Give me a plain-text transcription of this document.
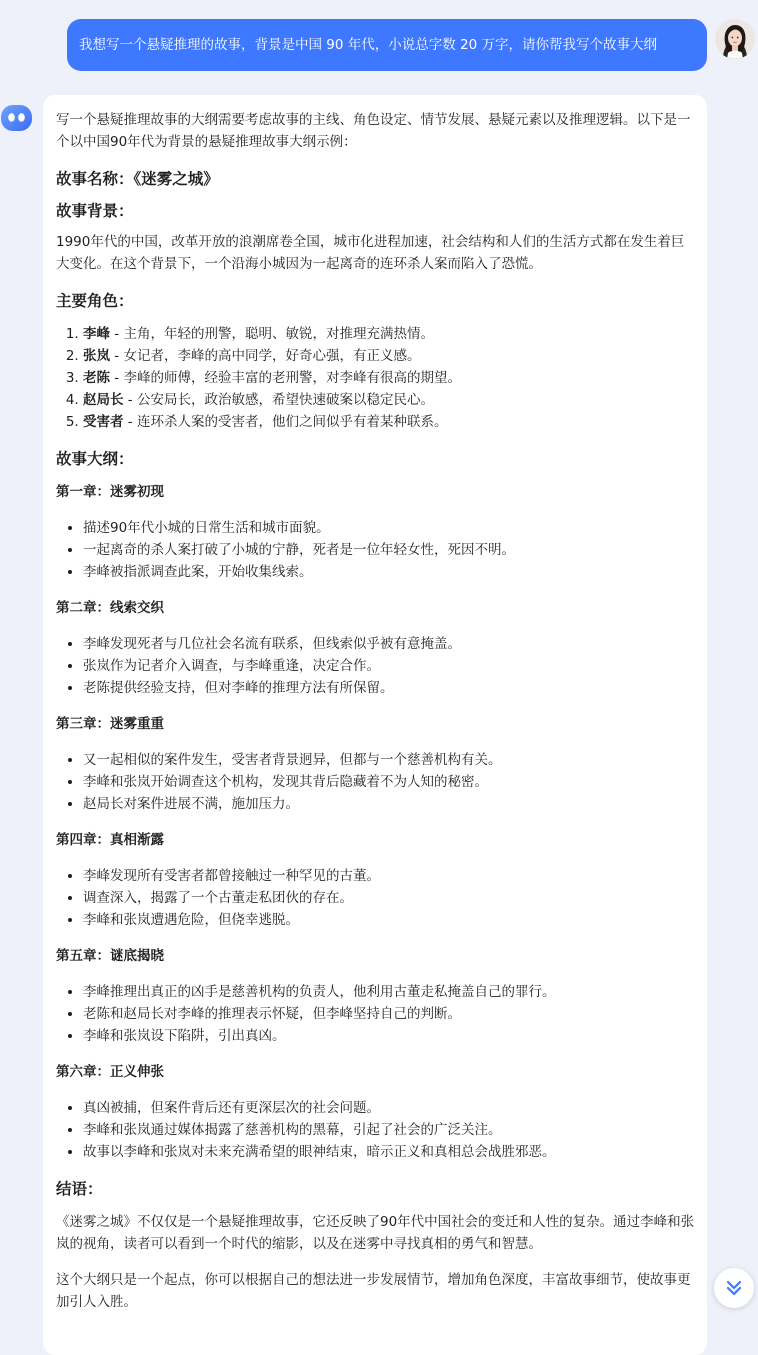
我想写一个悬疑推理的故事，背景是中国 90 年代，小说总字数 20 万字，请你帮我写个故事大纲

写一个悬疑推理故事的大纲需要考虑故事的主线、角色设定、情节发展、悬疑元素以及推理逻辑。以下是一个以中国90年代为背景的悬疑推理故事大纲示例：

故事名称：《迷雾之城》
故事背景：

1990年代的中国，改革开放的浪潮席卷全国，城市化进程加速，社会结构和人们的生活方式都在发生着巨大变化。在这个背景下，一个沿海小城因为一起离奇的连环杀人案而陷入了恐慌。

主要角色：
1. 李峰 - 主角，年轻的刑警，聪明、敏锐，对推理充满热情。
2. 张岚 - 女记者，李峰的高中同学，好奇心强，有正义感。
3. 老陈 - 李峰的师傅，经验丰富的老刑警，对李峰有很高的期望。
4. 赵局长 - 公安局长，政治敏感，希望快速破案以稳定民心。
5. 受害者 - 连环杀人案的受害者，他们之间似乎有着某种联系。
故事大纲：
第一章：迷雾初现
• 描述90年代小城的日常生活和城市面貌。
• 一起离奇的杀人案打破了小城的宁静，死者是一位年轻女性，死因不明。
• 李峰被指派调查此案，开始收集线索。
第二章：线索交织
• 李峰发现死者与几位社会名流有联系，但线索似乎被有意掩盖。
• 张岚作为记者介入调查，与李峰重逢，决定合作。
• 老陈提供经验支持，但对李峰的推理方法有所保留。
第三章：迷雾重重
• 又一起相似的案件发生，受害者背景迥异，但都与一个慈善机构有关。
• 李峰和张岚开始调查这个机构，发现其背后隐藏着不为人知的秘密。
• 赵局长对案件进展不满，施加压力。
第四章：真相渐露
• 李峰发现所有受害者都曾接触过一种罕见的古董。
• 调查深入，揭露了一个古董走私团伙的存在。
• 李峰和张岚遭遇危险，但侥幸逃脱。
第五章：谜底揭晓
• 李峰推理出真正的凶手是慈善机构的负责人，他利用古董走私掩盖自己的罪行。
• 老陈和赵局长对李峰的推理表示怀疑，但李峰坚持自己的判断。
• 李峰和张岚设下陷阱，引出真凶。
第六章：正义伸张
• 真凶被捕，但案件背后还有更深层次的社会问题。
• 李峰和张岚通过媒体揭露了慈善机构的黑幕，引起了社会的广泛关注。
• 故事以李峰和张岚对未来充满希望的眼神结束，暗示正义和真相总会战胜邪恶。
结语：

《迷雾之城》不仅仅是一个悬疑推理故事，它还反映了90年代中国社会的变迁和人性的复杂。通过李峰和张岚的视角，读者可以看到一个时代的缩影，以及在迷雾中寻找真相的勇气和智慧。

这个大纲只是一个起点，你可以根据自己的想法进一步发展情节，增加角色深度，丰富故事细节，使故事更加引人入胜。
